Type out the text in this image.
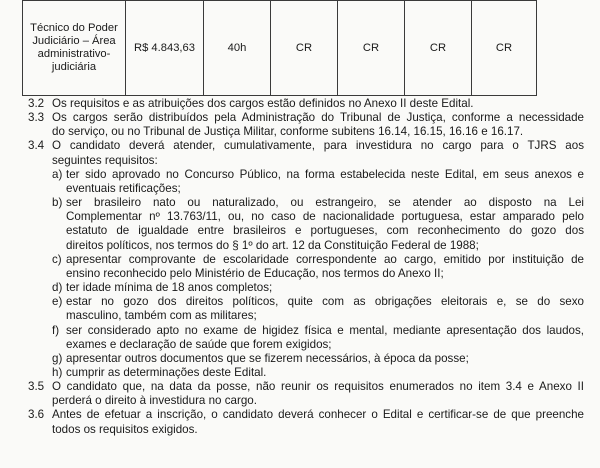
Técnico do Poder
Judiciário – Área
administrativo-
judiciária
	R$ 4.843,63	40h	CR	CR	CR	CR
3.2 Os requisitos e as atribuições dos cargos estão definidos no Anexo II deste Edital.
3.3 Os cargos serão distribuídos pela Administração do Tribunal de Justiça, conforme a necessidade
do serviço, ou no Tribunal de Justiça Militar, conforme subitens 16.14, 16.15, 16.16 e 16.17.
3.4 O candidato deverá atender, cumulativamente, para investidura no cargo para o TJRS aos
seguintes requisitos:
a) ter sido aprovado no Concurso Público, na forma estabelecida neste Edital, em seus anexos e
eventuais retificações;
b) ser brasileiro nato ou naturalizado, ou estrangeiro, se atender ao disposto na Lei
Complementar nº 13.763/11, ou, no caso de nacionalidade portuguesa, estar amparado pelo
estatuto de igualdade entre brasileiros e portugueses, com reconhecimento do gozo dos
direitos políticos, nos termos do § 1º do art. 12 da Constituição Federal de 1988;
c) apresentar comprovante de escolaridade correspondente ao cargo, emitido por instituição de
ensino reconhecido pelo Ministério de Educação, nos termos do Anexo II;
d) ter idade mínima de 18 anos completos;
e) estar no gozo dos direitos políticos, quite com as obrigações eleitorais e, se do sexo
masculino, também com as militares;
f) ser considerado apto no exame de higidez física e mental, mediante apresentação dos laudos,
exames e declaração de saúde que forem exigidos;
g) apresentar outros documentos que se fizerem necessários, à época da posse;
h) cumprir as determinações deste Edital.
3.5 O candidato que, na data da posse, não reunir os requisitos enumerados no item 3.4 e Anexo II
perderá o direito à investidura no cargo.
3.6 Antes de efetuar a inscrição, o candidato deverá conhecer o Edital e certificar-se de que preenche
todos os requisitos exigidos.
